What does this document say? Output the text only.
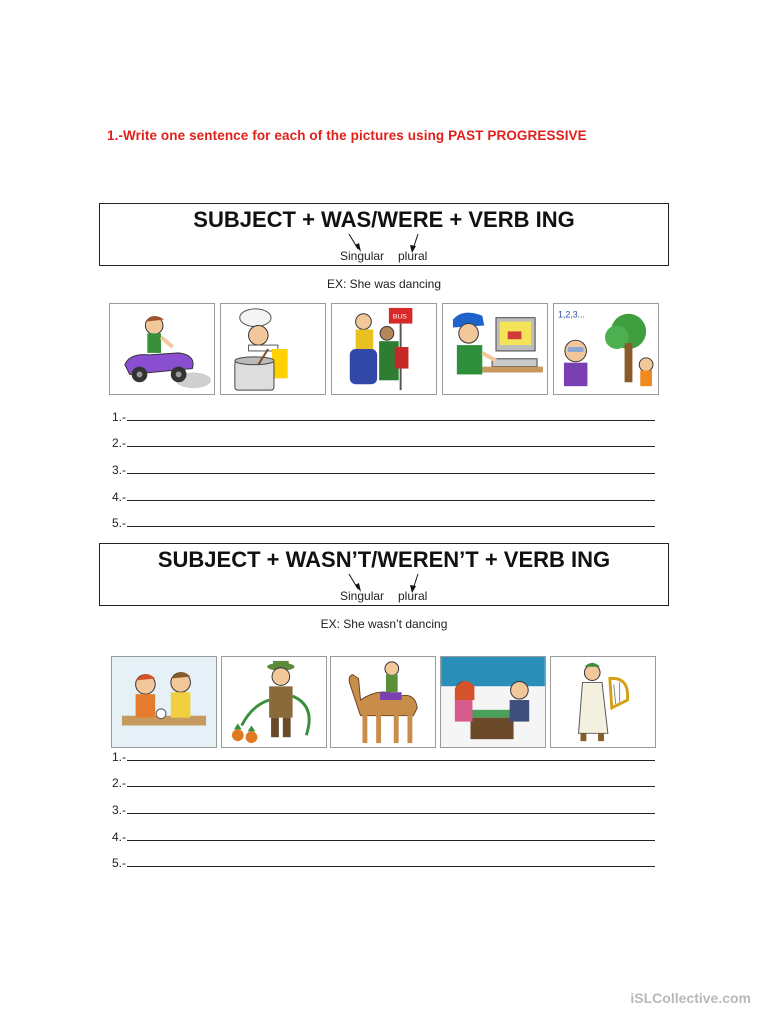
1.-Write one sentence for each of the pictures using PAST PROGRESSIVE
SUBJECT + WAS/WERE + VERB ING
Singular plural
EX: She was dancing
BUS	1,2,3...
1.-
2.-
3.-
4.-
5.-
SUBJECT + WASN’T/WEREN’T + VERB ING
Singular plural
EX: She wasn’t dancing
1.-
2.-
3.-
4.-
5.-
iSLCollective.com
